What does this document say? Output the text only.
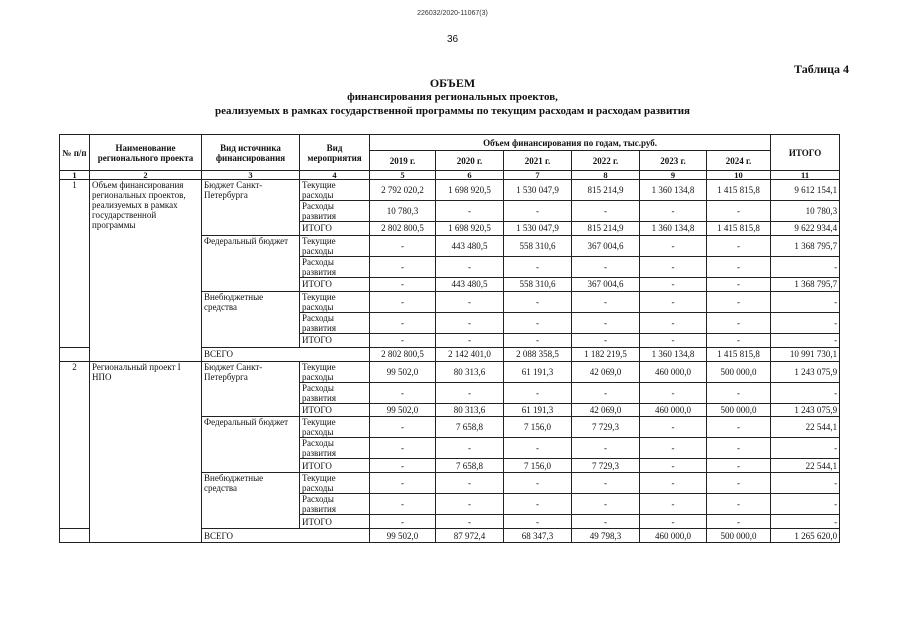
226032/2020-11067(3)
36
Таблица 4
ОБЪЕМ
финансирования региональных проектов,
реализуемых в рамках государственной программы по текущим расходам и расходам развития
№ п/п	Наименование регионального проекта	Вид источника финансирования	Вид мероприятия	Объем финансирования по годам, тыс.руб.						ИТОГО
				2019 г.	2020 г.	2021 г.	2022 г.	2023 г.	2024 г.	
1	2	3	4	5	6	7	8	9	10	11
1	Объем финансирования региональных проектов, реализуемых в рамках государственной программы	Бюджет Санкт-Петербурга	Текущие расходы	2 792 020,2	1 698 920,5	1 530 047,9	815 214,9	1 360 134,8	1 415 815,8	9 612 154,1
			Расходы развития	10 780,3	-	-	-	-	-	10 780,3
			ИТОГО	2 802 800,5	1 698 920,5	1 530 047,9	815 214,9	1 360 134,8	1 415 815,8	9 622 934,4
		Федеральный бюджет	Текущие расходы	-	443 480,5	558 310,6	367 004,6	-	-	1 368 795,7
			Расходы развития	-	-	-	-	-	-	-
			ИТОГО	-	443 480,5	558 310,6	367 004,6	-	-	1 368 795,7
		Внебюджетные средства	Текущие расходы	-	-	-	-	-	-	-
			Расходы развития	-	-	-	-	-	-	-
			ИТОГО	-	-	-	-	-	-	-
		ВСЕГО		2 802 800,5	2 142 401,0	2 088 358,5	1 182 219,5	1 360 134,8	1 415 815,8	10 991 730,1
2	Региональный проект I НПО	Бюджет Санкт-Петербурга	Текущие расходы	99 502,0	80 313,6	61 191,3	42 069,0	460 000,0	500 000,0	1 243 075,9
			Расходы развития	-	-	-	-	-	-	-
			ИТОГО	99 502,0	80 313,6	61 191,3	42 069,0	460 000,0	500 000,0	1 243 075,9
		Федеральный бюджет	Текущие расходы	-	7 658,8	7 156,0	7 729,3	-	-	22 544,1
			Расходы развития	-	-	-	-	-	-	-
			ИТОГО	-	7 658,8	7 156,0	7 729,3	-	-	22 544,1
		Внебюджетные средства	Текущие расходы	-	-	-	-	-	-	-
			Расходы развития	-	-	-	-	-	-	-
			ИТОГО	-	-	-	-	-	-	-
		ВСЕГО		99 502,0	87 972,4	68 347,3	49 798,3	460 000,0	500 000,0	1 265 620,0
